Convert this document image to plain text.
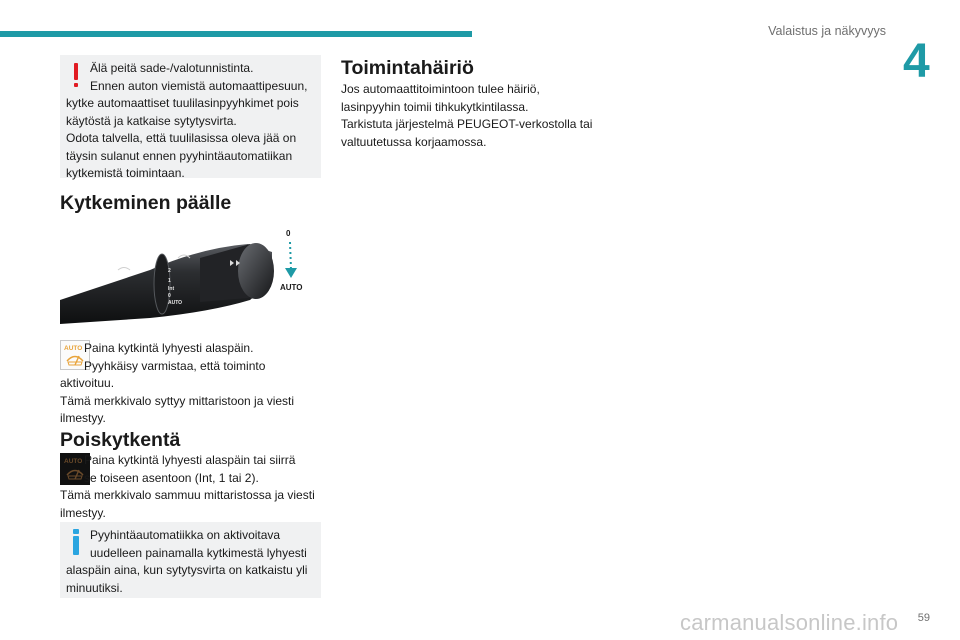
Valaistus ja näkyvyys
4

Älä peitä sade-/valotunnistinta.

Ennen auton viemistä automaattipesuun,

kytke automaattiset tuulilasinpyyhkimet pois

käytöstä ja katkaise sytytysvirta.

Odota talvella, että tuulilasissa oleva jää on

täysin sulanut ennen pyyhintäautomatiikan

kytkemistä toimintaan.

Kytkeminen päälle
2
1
Int
0
AUTO
0
AUTO
AUTO Paina kytkintä lyhyesti alaspäin.
Pyyhkäisy varmistaa, että toiminto
aktivoituu.
Tämä merkkivalo syttyy mittaristoon ja viesti
ilmestyy.
Poiskytkentä
AUTO Paina kytkintä lyhyesti alaspäin tai siirrä
se toiseen asentoon (Int, 1 tai 2).
Tämä merkkivalo sammuu mittaristossa ja viesti
ilmestyy.

Pyyhintäautomatiikka on aktivoitava

uudelleen painamalla kytkimestä lyhyesti

alaspäin aina, kun sytytysvirta on katkaistu yli

minuutiksi.

Toimintahäiriö
Jos automaattitoimintoon tulee häiriö,
lasinpyyhin toimii tihkukytkintilassa.
Tarkistuta järjestelmä PEUGEOT-verkostolla tai
valtuutetussa korjaamossa.
carmanualsonline.info 59
